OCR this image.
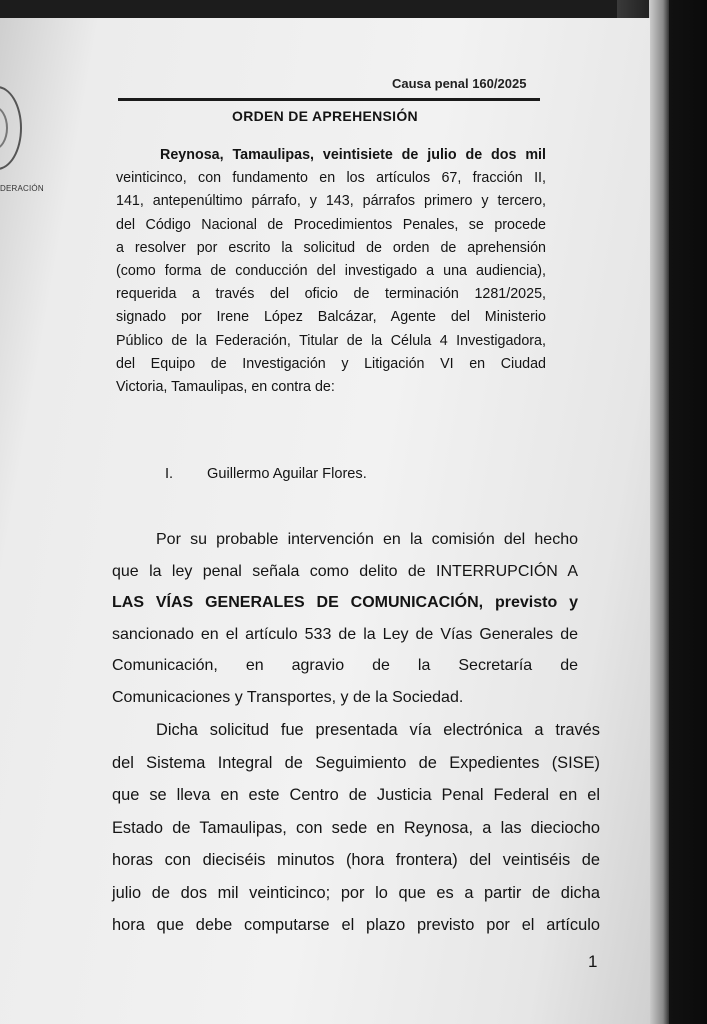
DERACIÓN
Causa penal 160/2025
ORDEN DE APREHENSIÓN

Reynosa, Tamaulipas, veintisiete de julio de dos mil

veinticinco, con fundamento en los artículos 67, fracción II,

141, antepenúltimo párrafo, y 143, párrafos primero y tercero,

del Código Nacional de Procedimientos Penales, se procede

a resolver por escrito la solicitud de orden de aprehensión

(como forma de conducción del investigado a una audiencia),

requerida a través del oficio de terminación 1281/2025,

signado por Irene López Balcázar, Agente del Ministerio

Público de la Federación, Titular de la Célula 4 Investigadora,

del Equipo de Investigación y Litigación VI en Ciudad

Victoria, Tamaulipas, en contra de:

I. Guillermo Aguilar Flores.

Por su probable intervención en la comisión del hecho

que la ley penal señala como delito de INTERRUPCIÓN A

LAS VÍAS GENERALES DE COMUNICACIÓN, previsto y

sancionado en el artículo 533 de la Ley de Vías Generales de

Comunicación, en agravio de la Secretaría de

Comunicaciones y Transportes, y de la Sociedad.

Dicha solicitud fue presentada vía electrónica a través

del Sistema Integral de Seguimiento de Expedientes (SISE)

que se lleva en este Centro de Justicia Penal Federal en el

Estado de Tamaulipas, con sede en Reynosa, a las dieciocho

horas con dieciséis minutos (hora frontera) del veintiséis de

julio de dos mil veinticinco; por lo que es a partir de dicha

hora que debe computarse el plazo previsto por el artículo

1
